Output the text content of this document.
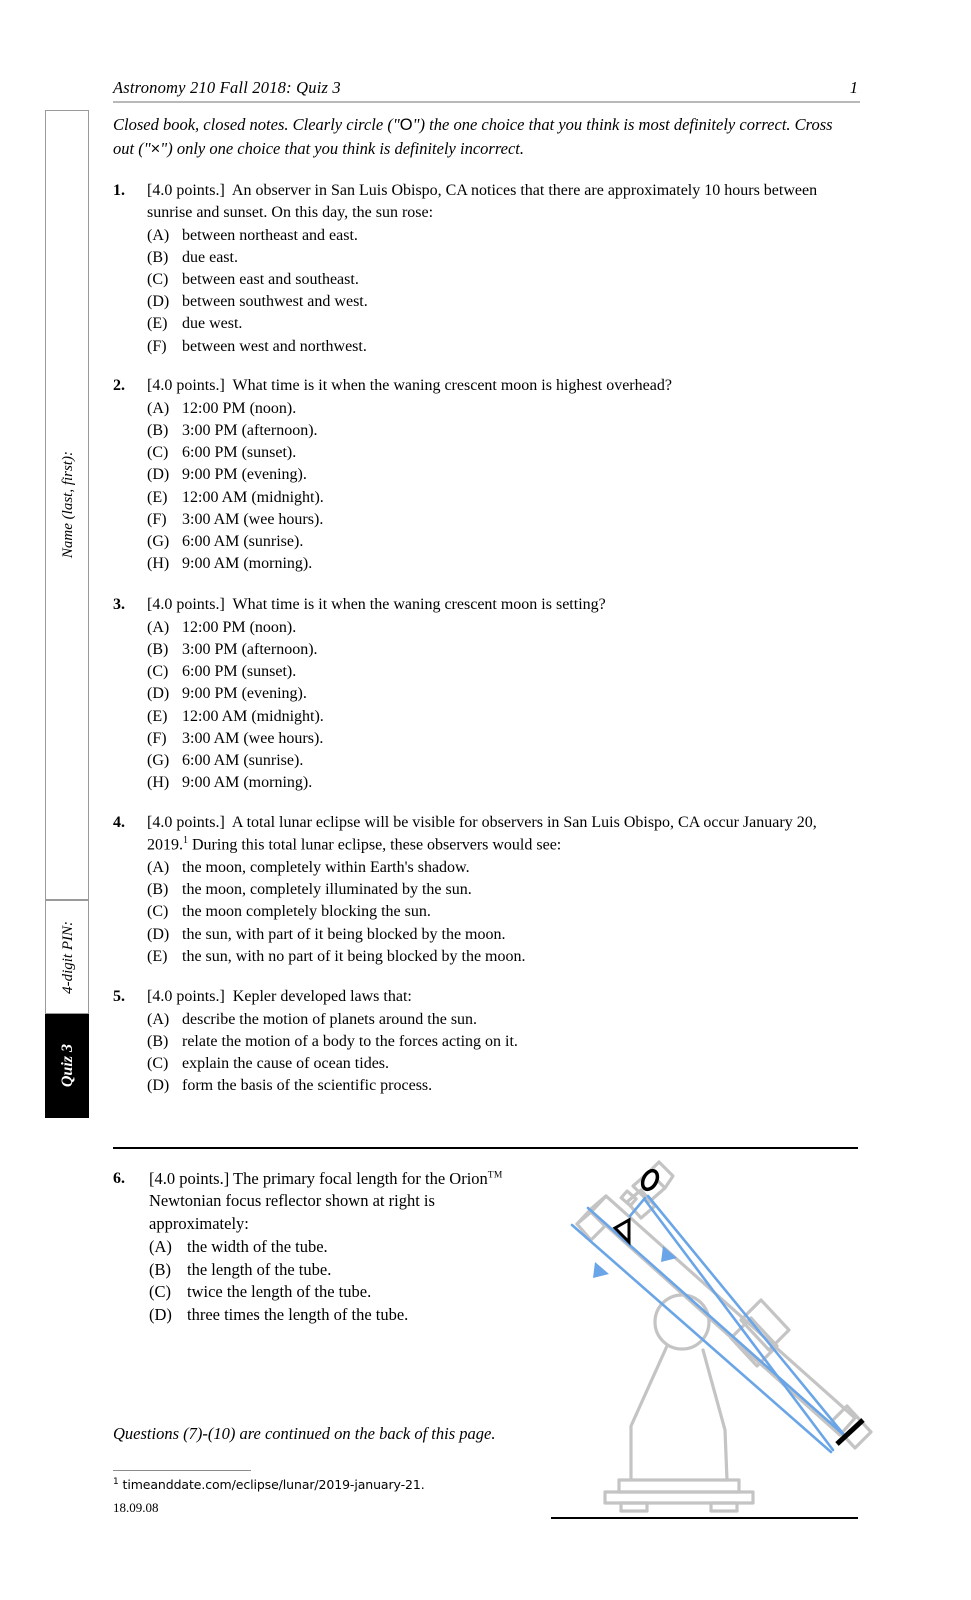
Name (last, first):
4-digit PIN:
Quiz 3
Astronomy 210 Fall 2018: Quiz 3	1
Closed book, closed notes. Clearly circle ("O") the one choice that you think is most definitely correct. Cross out ("×") only one choice that you think is definitely incorrect.
1.	[4.0 points.] An observer in San Luis Obispo, CA notices that there are approximately 10 hours between sunrise and sunset. On this day, the sun rose:
(A) between northeast and east.
(B) due east.
(C) between east and southeast.
(D) between southwest and west.
(E) due west.
(F) between west and northwest.
2.	[4.0 points.] What time is it when the waning crescent moon is highest overhead?
(A) 12:00 PM (noon).
(B) 3:00 PM (afternoon).
(C) 6:00 PM (sunset).
(D) 9:00 PM (evening).
(E) 12:00 AM (midnight).
(F) 3:00 AM (wee hours).
(G) 6:00 AM (sunrise).
(H) 9:00 AM (morning).
3.	[4.0 points.] What time is it when the waning crescent moon is setting?
(A) 12:00 PM (noon).
(B) 3:00 PM (afternoon).
(C) 6:00 PM (sunset).
(D) 9:00 PM (evening).
(E) 12:00 AM (midnight).
(F) 3:00 AM (wee hours).
(G) 6:00 AM (sunrise).
(H) 9:00 AM (morning).
4.	[4.0 points.] A total lunar eclipse will be visible for observers in San Luis Obispo, CA occur January 20, 2019.$^1$ During this total lunar eclipse, these observers would see:
(A) the moon, completely within Earth's shadow.
(B) the moon, completely illuminated by the sun.
(C) the moon completely blocking the sun.
(D) the sun, with part of it being blocked by the moon.
(E) the sun, with no part of it being blocked by the moon.
5.	[4.0 points.] Kepler developed laws that:
(A) describe the motion of planets around the sun.
(B) relate the motion of a body to the forces acting on it.
(C) explain the cause of ocean tides.
(D) form the basis of the scientific process.
6.	[4.0 points.] The primary focal length for the Orion™ Newtonian focus reflector shown at right is approximately:
(A) the width of the tube.
(B) the length of the tube.
(C) twice the length of the tube.
(D) three times the length of the tube.
Questions (7)-(10) are continued on the back of this page.
$^1$ timeanddate.com/eclipse/lunar/2019-january-21.
18.09.08
